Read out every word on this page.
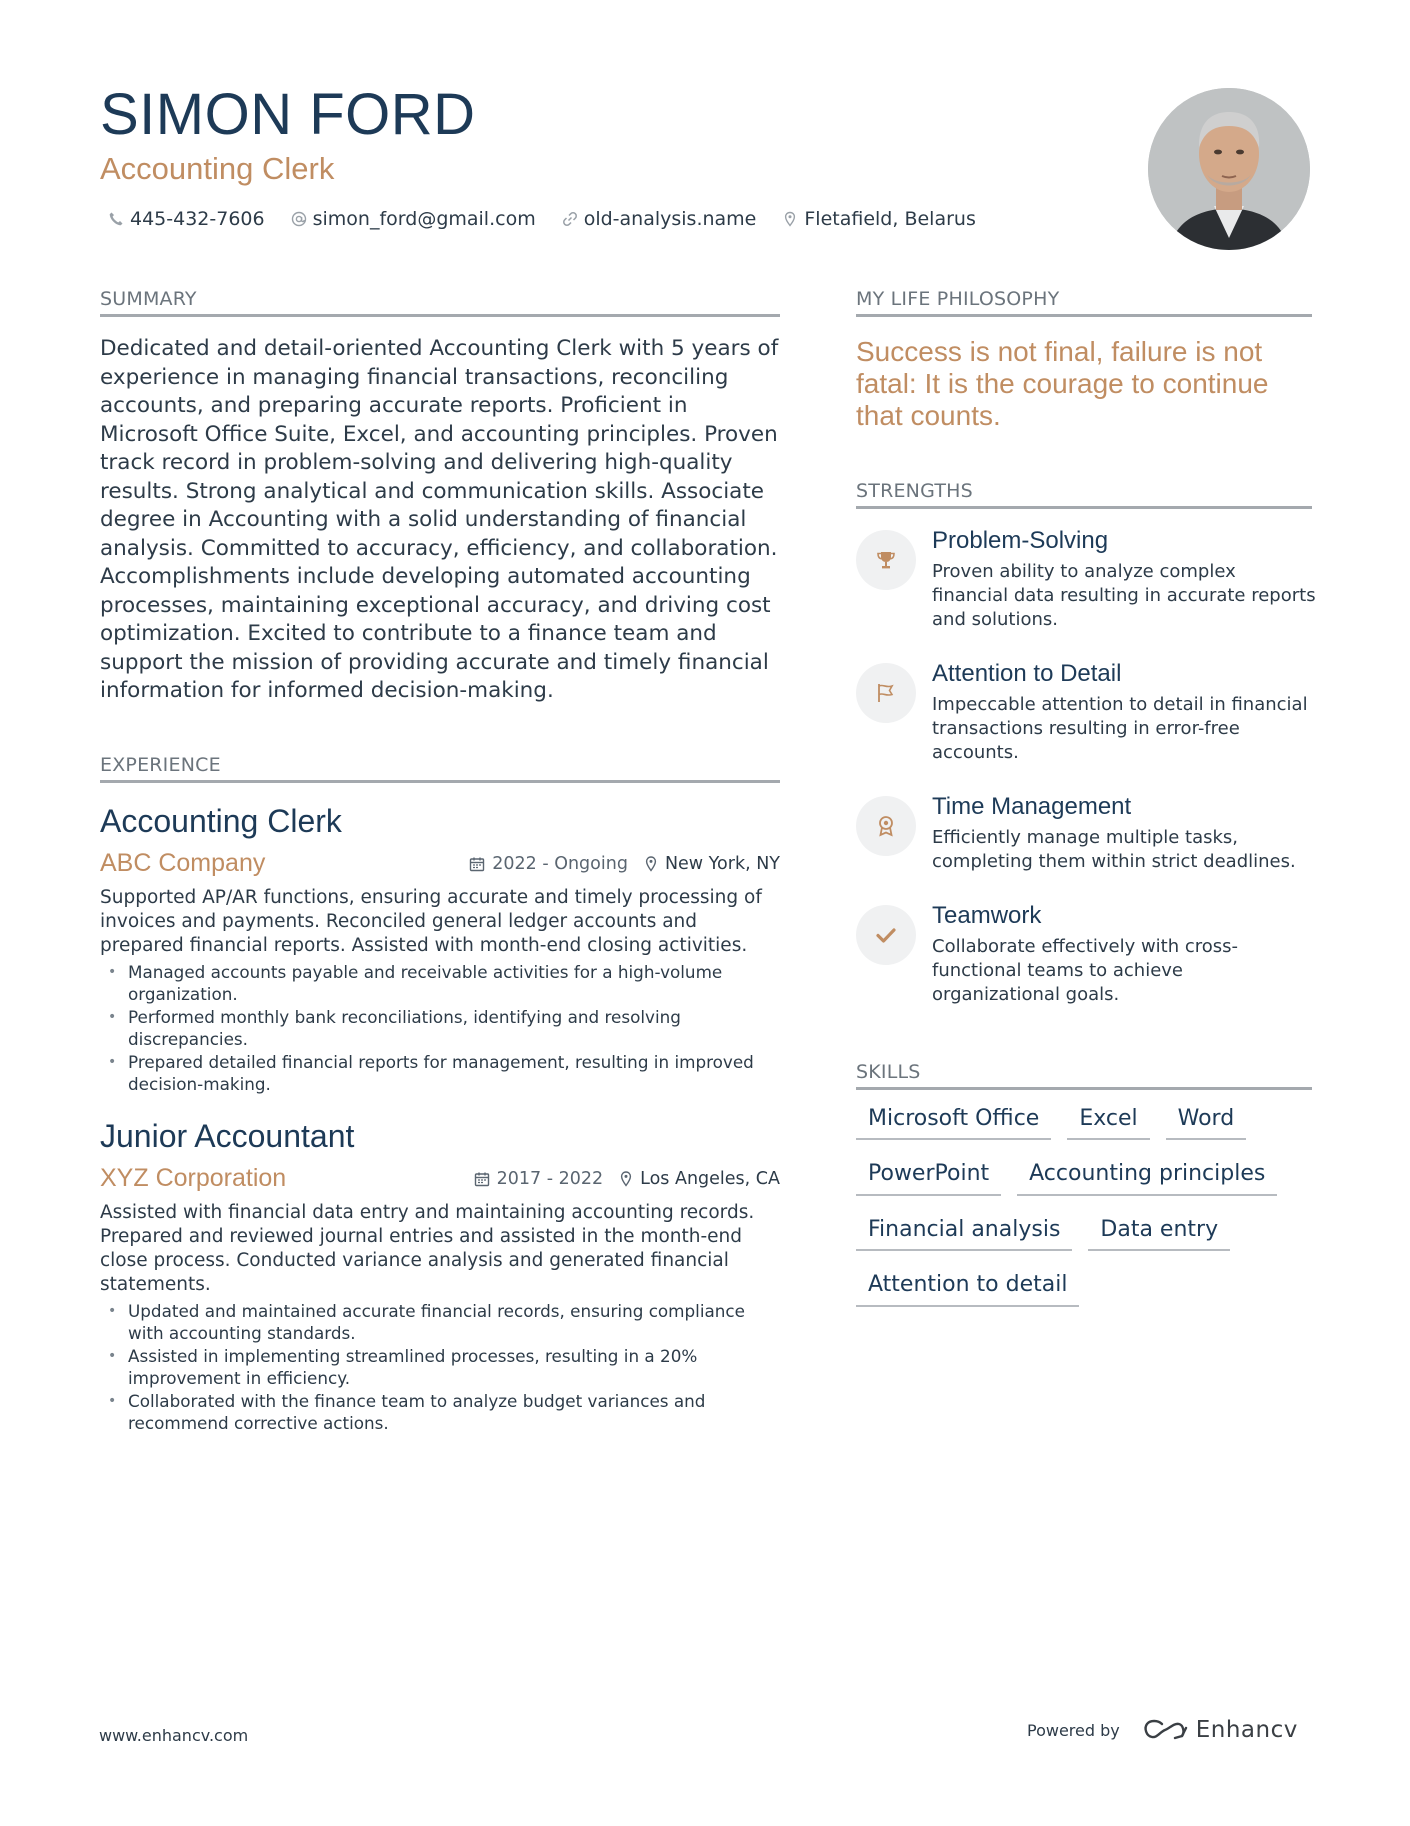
SIMON FORD
Accounting Clerk
445-432-7606	simon_ford@gmail.com	old-analysis.name	Fletafield, Belarus
SUMMARY
Dedicated and detail-oriented Accounting Clerk with 5 years of experience in managing financial transactions, reconciling accounts, and preparing accurate reports. Proficient in Microsoft Office Suite, Excel, and accounting principles. Proven track record in problem-solving and delivering high-quality results. Strong analytical and communication skills. Associate degree in Accounting with a solid understanding of financial analysis. Committed to accuracy, efficiency, and collaboration. Accomplishments include developing automated accounting processes, maintaining exceptional accuracy, and driving cost optimization. Excited to contribute to a finance team and support the mission of providing accurate and timely financial information for informed decision-making.
EXPERIENCE
Accounting Clerk
ABC Company	2022 - Ongoing New York, NY
Supported AP/AR functions, ensuring accurate and timely processing of invoices and payments. Reconciled general ledger accounts and prepared financial reports. Assisted with month-end closing activities.
• Managed accounts payable and receivable activities for a high-volume organization.
• Performed monthly bank reconciliations, identifying and resolving discrepancies.
• Prepared detailed financial reports for management, resulting in improved decision-making.
Junior Accountant
XYZ Corporation	2017 - 2022 Los Angeles, CA
Assisted with financial data entry and maintaining accounting records. Prepared and reviewed journal entries and assisted in the month-end close process. Conducted variance analysis and generated financial statements.
• Updated and maintained accurate financial records, ensuring compliance with accounting standards.
• Assisted in implementing streamlined processes, resulting in a 20% improvement in efficiency.
• Collaborated with the finance team to analyze budget variances and recommend corrective actions.
MY LIFE PHILOSOPHY
Success is not final, failure is not fatal: It is the courage to continue that counts.
STRENGTHS
Problem-Solving
Proven ability to analyze complex financial data resulting in accurate reports and solutions.
Attention to Detail
Impeccable attention to detail in financial transactions resulting in error-free accounts.
Time Management
Efficiently manage multiple tasks, completing them within strict deadlines.
Teamwork
Collaborate effectively with cross-functional teams to achieve organizational goals.
SKILLS
Microsoft Office	Excel	Word
PowerPoint	Accounting principles
Financial analysis	Data entry
Attention to detail
www.enhancv.com	Powered by	Enhancv
